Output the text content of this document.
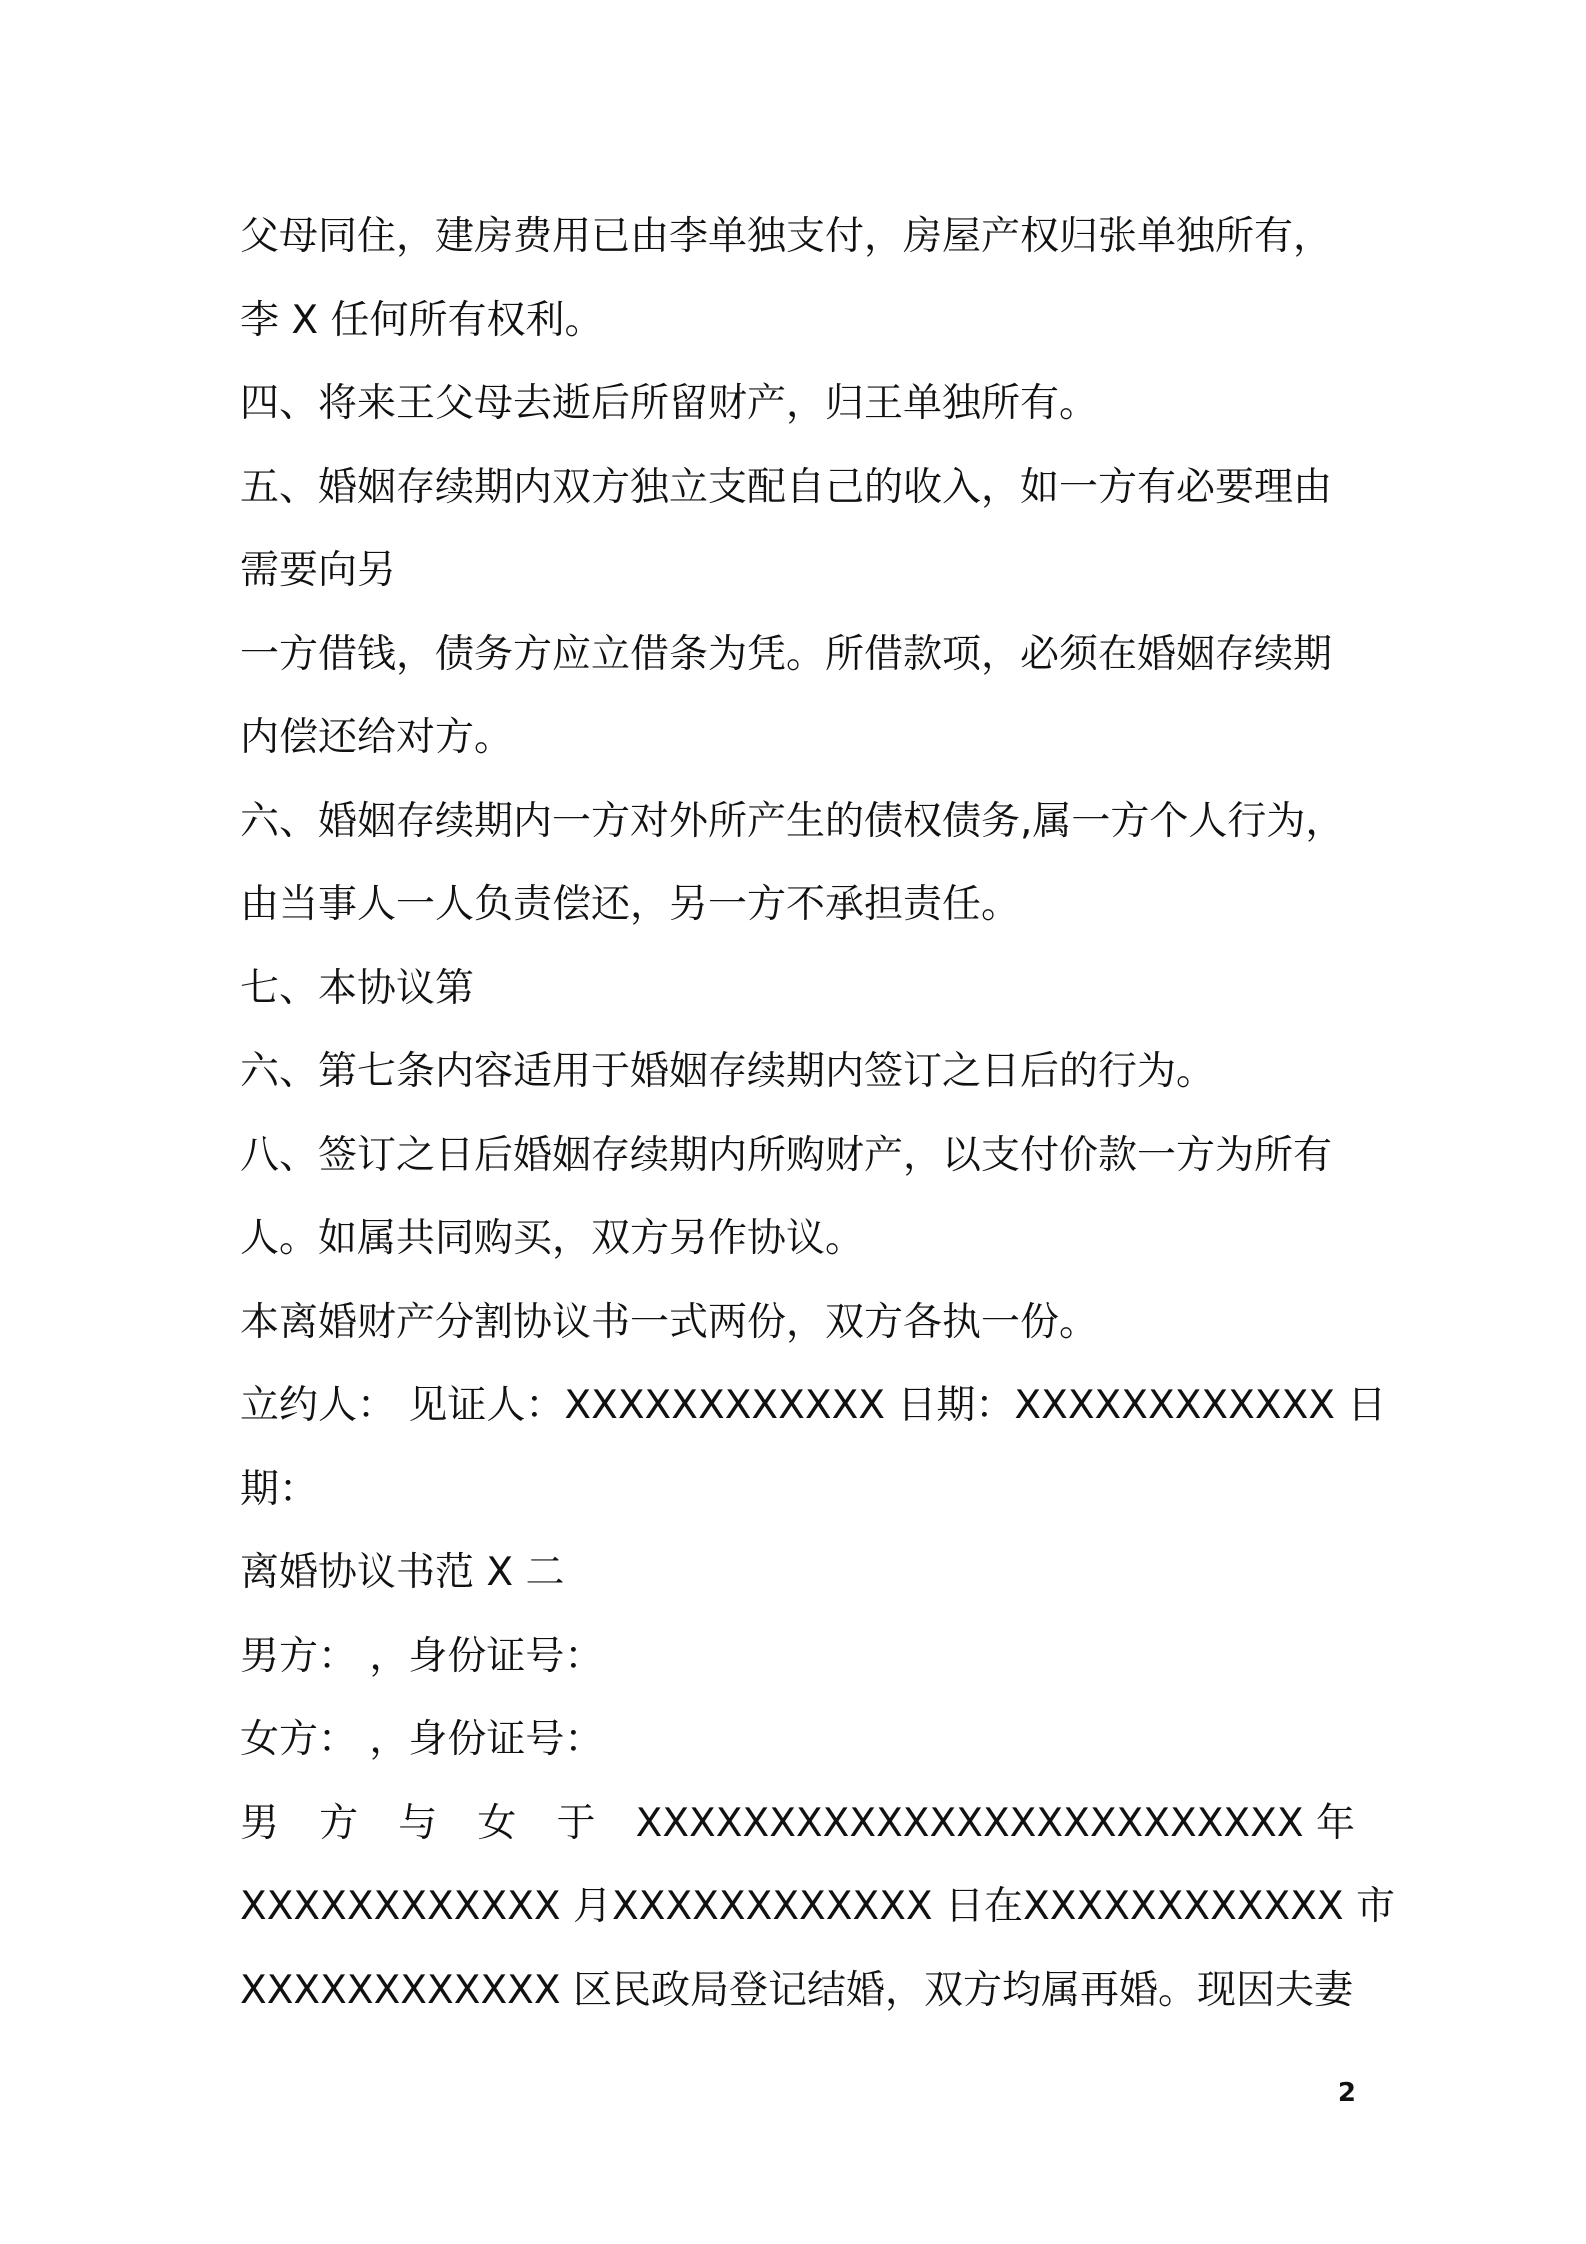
父母同住，建房费用已由李单独支付，房屋产权归张单独所有，
李 X 任何所有权利。
四、将来王父母去逝后所留财产，归王单独所有。
五、婚姻存续期内双方独立支配自己的收入，如一方有必要理由
需要向另
一方借钱，债务方应立借条为凭。所借款项，必须在婚姻存续期
内偿还给对方。
六、婚姻存续期内一方对外所产生的债权债务,属一方个人行为，
由当事人一人负责偿还，另一方不承担责任。
七、本协议第
六、第七条内容适用于婚姻存续期内签订之日后的行为。
八、签订之日后婚姻存续期内所购财产，以支付价款一方为所有
人。如属共同购买，双方另作协议。
本离婚财产分割协议书一式两份，双方各执一份。
立约人： 见证人：XXXXXXXXXXXX 日期：XXXXXXXXXXXX 日
期：
离婚协议书范 X 二
男方： ，身份证号：
女方： ，身份证号：
男 方 与 女 于 XXXXXXXXXXXXXXXXXXXXXXXXX 年
XXXXXXXXXXXX 月 XXXXXXXXXXXX 日 在 XXXXXXXXXXXX 市
XXXXXXXXXXXX 区民政局登记结婚，双方均属再婚。现因夫妻
2
